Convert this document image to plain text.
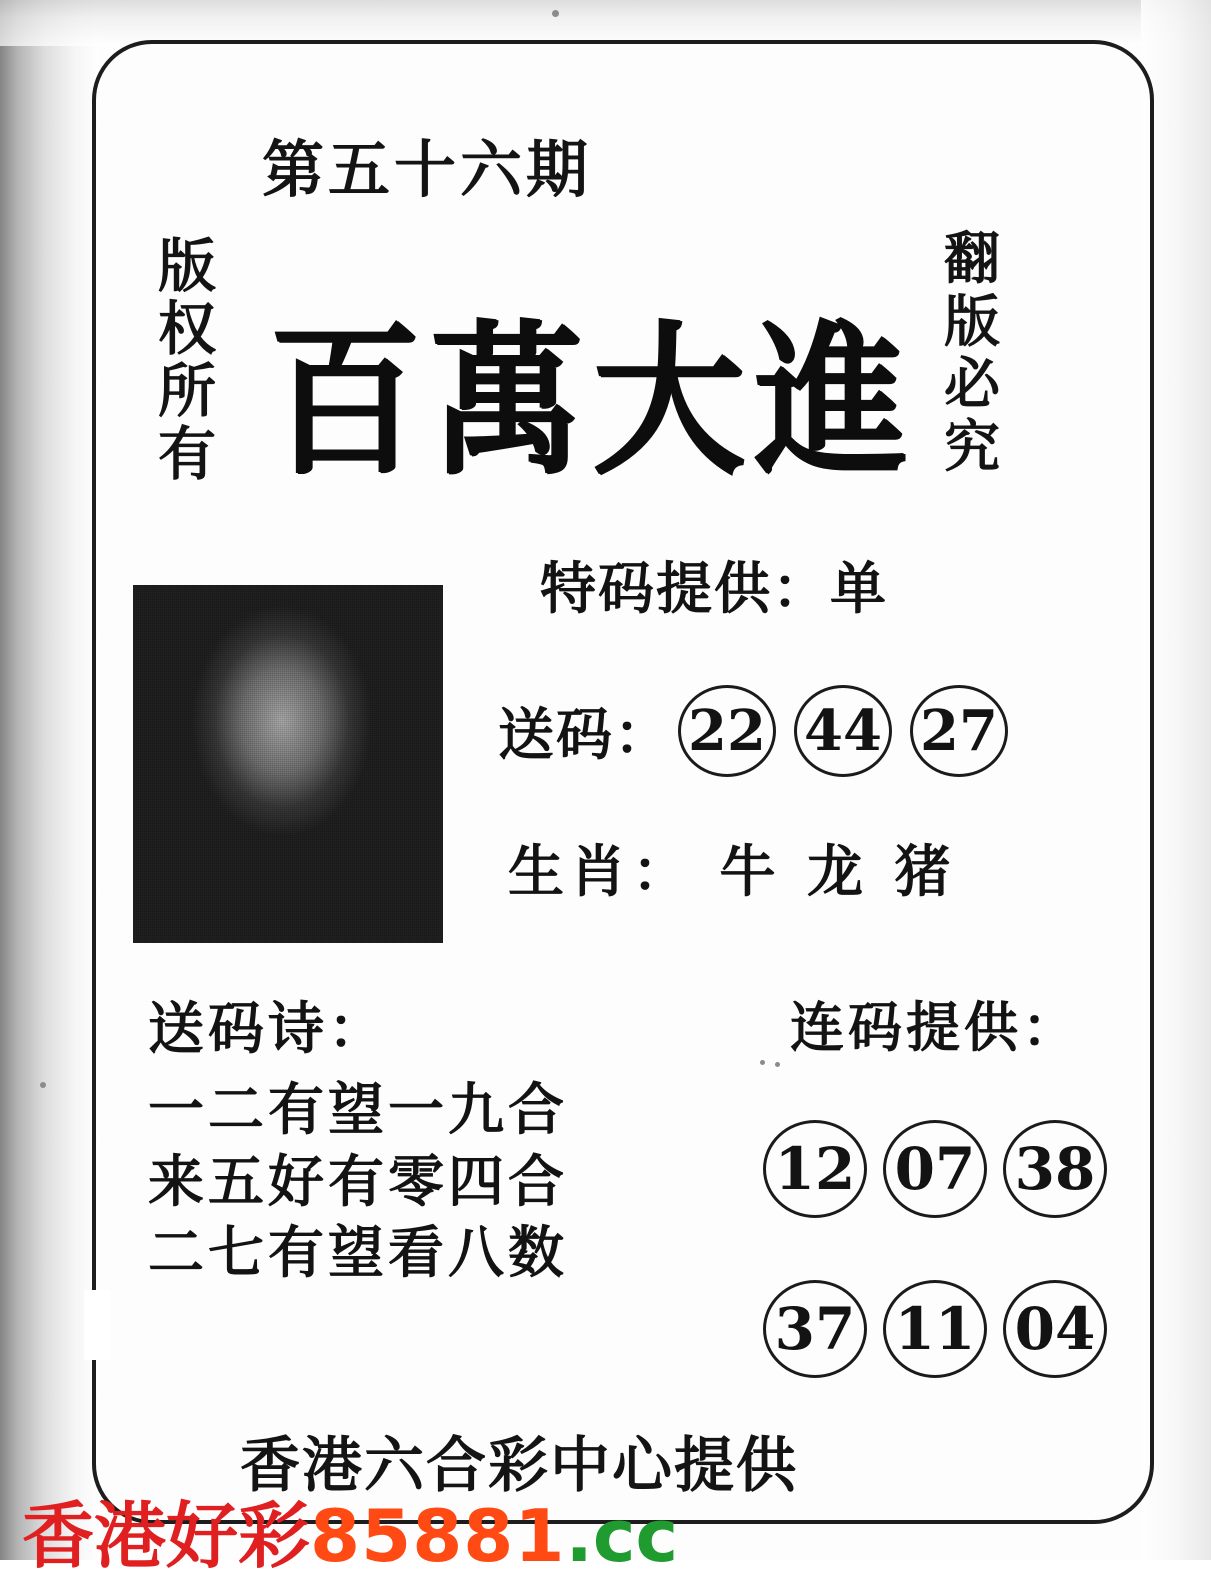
第五十六期
版权所有
翻版必究
百萬大進
特码提供：单
送码： 22 44 27
生肖： 牛 龙 猪
送码诗：
一二有望一九合
来五好有零四合
二七有望看八数
连码提供：
12 07 38
37 11 04
香港六合彩中心提供
香港好彩85881.cc
